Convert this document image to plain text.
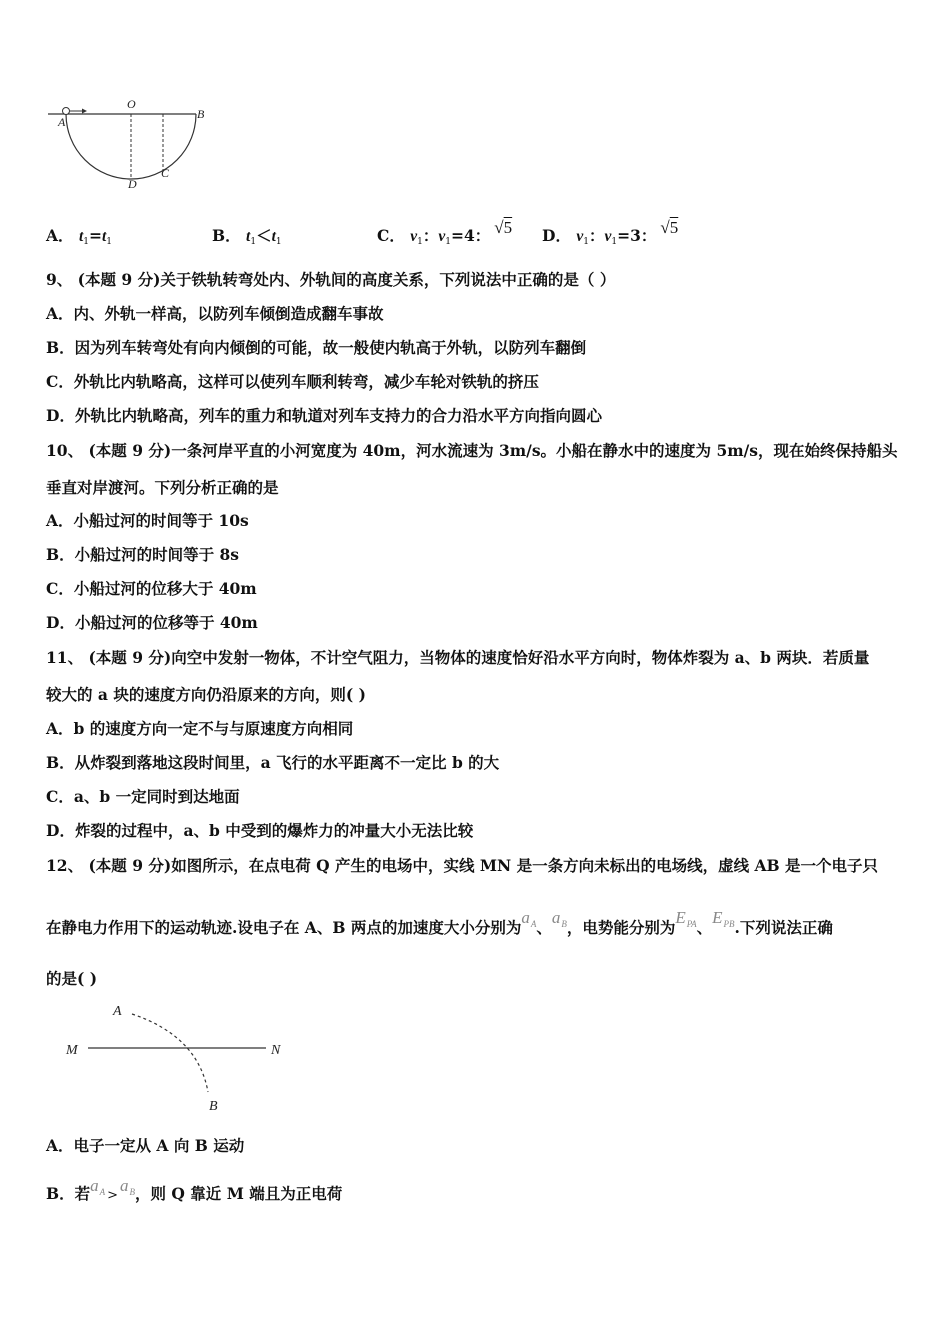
O
A
B
C
D
A． $t_1=t_1$	B． $t_1<t_1$	C． $v_1$：$v_1=4$： √5 D． $v_1$：$v_1=3$： √5
9、 (本题 9 分)关于铁轨转弯处内、外轨间的高度关系，下列说法中正确的是（ ）
A．内、外轨一样高，以防列车倾倒造成翻车事故
B．因为列车转弯处有向内倾倒的可能，故一般使内轨高于外轨，以防列车翻倒
C．外轨比内轨略高，这样可以使列车顺利转弯，减少车轮对铁轨的挤压
D．外轨比内轨略高，列车的重力和轨道对列车支持力的合力沿水平方向指向圆心
10、 (本题 9 分)一条河岸平直的小河宽度为 40m，河水流速为 3m/s。小船在静水中的速度为 5m/s，现在始终保持船头
垂直对岸渡河。下列分析正确的是
A．小船过河的时间等于 10s
B．小船过河的时间等于 8s
C．小船过河的位移大于 40m
D．小船过河的位移等于 40m
11、 (本题 9 分)向空中发射一物体，不计空气阻力，当物体的速度恰好沿水平方向时，物体炸裂为 a、b 两块．若质量
较大的 a 块的速度方向仍沿原来的方向，则( )
A．b 的速度方向一定不与与原速度方向相同
B．从炸裂到落地这段时间里，a 飞行的水平距离不一定比 b 的大
C．a、b 一定同时到达地面
D．炸裂的过程中，a、b 中受到的爆炸力的冲量大小无法比较
12、 (本题 9 分)如图所示，在点电荷 Q 产生的电场中，实线 MN 是一条方向未标出的电场线，虚线 AB 是一个电子只
在静电力作用下的运动轨迹.设电子在 A、B 两点的加速度大小分别为$a_A$、$a_B$，电势能分别为$E_{PA}$、$E_{PB}$.下列说法正确
的是( )
A
B
M	N
A．电子一定从 A 向 B 运动
B．若$a_A >a_B$，则 Q 靠近 M 端且为正电荷
